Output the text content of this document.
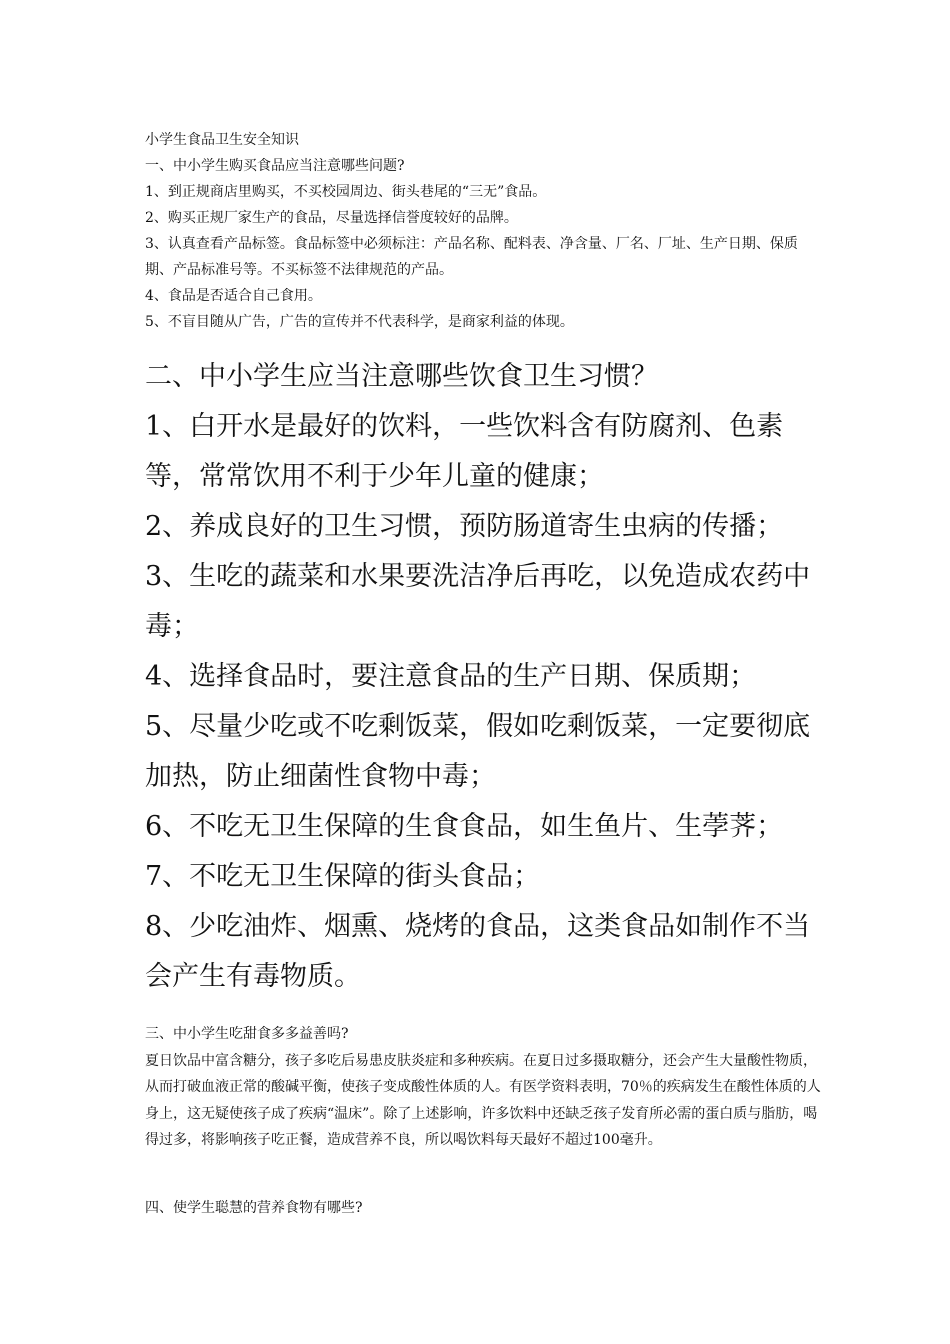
小学生食品卫生安全知识

一、中小学生购买食品应当注意哪些问题?

1、到正规商店里购买，不买校园周边、街头巷尾的“三无”食品。

2、购买正规厂家生产的食品，尽量选择信誉度较好的品牌。

3、认真查看产品标签。食品标签中必须标注：产品名称、配料表、净含量、厂名、厂址、生产日期、保质期、产品标准号等。不买标签不法律规范的产品。

4、食品是否适合自己食用。

5、不盲目随从广告，广告的宣传并不代表科学，是商家利益的体现。

二、中小学生应当注意哪些饮食卫生习惯？

1、白开水是最好的饮料，一些饮料含有防腐剂、色素等，常常饮用不利于少年儿童的健康；

2、养成良好的卫生习惯，预防肠道寄生虫病的传播；

3、生吃的蔬菜和水果要洗洁净后再吃，以免造成农药中毒；

4、选择食品时，要注意食品的生产日期、保质期；

5、尽量少吃或不吃剩饭菜，假如吃剩饭菜，一定要彻底加热，防止细菌性食物中毒；

6、不吃无卫生保障的生食食品，如生鱼片、生荸荠；

7、不吃无卫生保障的街头食品；

8、少吃油炸、烟熏、烧烤的食品，这类食品如制作不当会产生有毒物质。

三、中小学生吃甜食多多益善吗?

夏日饮品中富含糖分，孩子多吃后易患皮肤炎症和多种疾病。在夏日过多摄取糖分，还会产生大量酸性物质，从而打破血液正常的酸碱平衡，使孩子变成酸性体质的人。有医学资料表明，70％的疾病发生在酸性体质的人身上，这无疑使孩子成了疾病“温床”。除了上述影响，许多饮料中还缺乏孩子发育所必需的蛋白质与脂肪，喝得过多，将影响孩子吃正餐，造成营养不良，所以喝饮料每天最好不超过100毫升。

四、使学生聪慧的营养食物有哪些?
